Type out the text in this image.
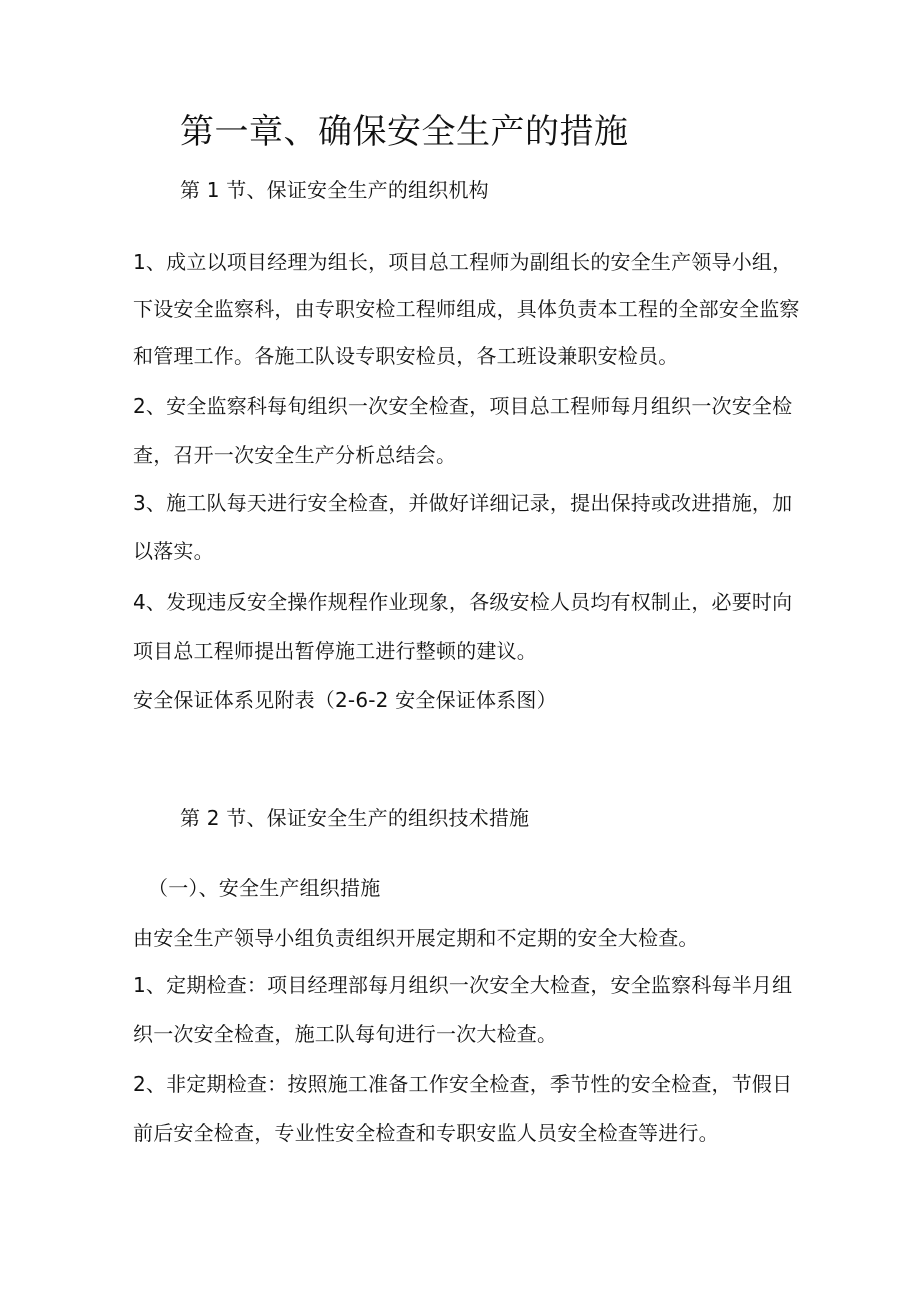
第一章、确保安全生产的措施
第 1 节、保证安全生产的组织机构
1、成立以项目经理为组长，项目总工程师为副组长的安全生产领导小组，
下设安全监察科，由专职安检工程师组成，具体负责本工程的全部安全监察
和管理工作。各施工队设专职安检员，各工班设兼职安检员。
2、安全监察科每旬组织一次安全检查，项目总工程师每月组织一次安全检
查，召开一次安全生产分析总结会。
3、施工队每天进行安全检查，并做好详细记录，提出保持或改进措施，加
以落实。
4、发现违反安全操作规程作业现象，各级安检人员均有权制止，必要时向
项目总工程师提出暂停施工进行整顿的建议。
安全保证体系见附表（2-6-2 安全保证体系图）
第 2 节、保证安全生产的组织技术措施
（一）、安全生产组织措施
由安全生产领导小组负责组织开展定期和不定期的安全大检查。
1、定期检查：项目经理部每月组织一次安全大检查，安全监察科每半月组
织一次安全检查，施工队每旬进行一次大检查。
2、非定期检查：按照施工准备工作安全检查，季节性的安全检查，节假日
前后安全检查，专业性安全检查和专职安监人员安全检查等进行。
